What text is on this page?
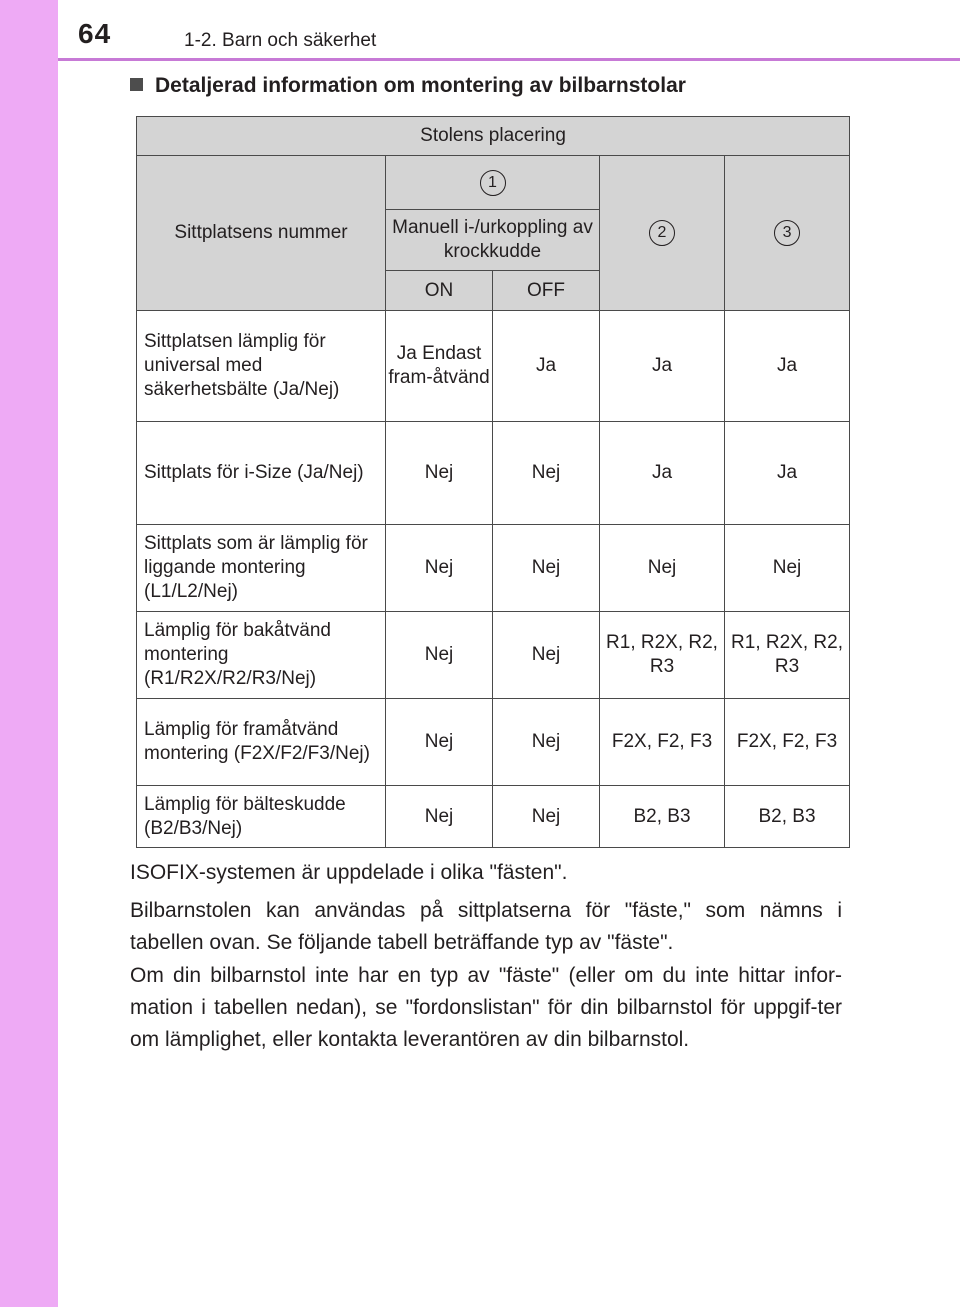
64	1-2. Barn och säkerhet
Detaljerad information om montering av bilbarnstolar
Stolens placering				
Sittplatsens nummer	1		2	3
	Manuell i-/urkoppling av krockkudde			
	ON	OFF		
Sittplatsen lämplig för universal med säkerhetsbälte (Ja/Nej)	Ja Endast fram-åtvänd	Ja	Ja	Ja
Sittplats för i-Size (Ja/Nej)	Nej	Nej	Ja	Ja
Sittplats som är lämplig för liggande montering (L1/L2/Nej)	Nej	Nej	Nej	Nej
Lämplig för bakåtvänd montering (R1/R2X/R2/R3/Nej)	Nej	Nej	R1, R2X, R2, R3	R1, R2X, R2, R3
Lämplig för framåtvänd montering (F2X/F2/F3/Nej)	Nej	Nej	F2X, F2, F3	F2X, F2, F3
Lämplig för bälteskudde (B2/B3/Nej)	Nej	Nej	B2, B3	B2, B3

ISOFIX-systemen är uppdelade i olika "fästen".

Bilbarnstolen kan användas på sittplatserna för "fäste," som nämns i tabellen ovan. Se följande tabell beträffande typ av "fäste".

Om din bilbarnstol inte har en typ av "fäste" (eller om du inte hittar infor-mation i tabellen nedan), se "fordonslistan" för din bilbarnstol för uppgif-ter om lämplighet, eller kontakta leverantören av din bilbarnstol.
